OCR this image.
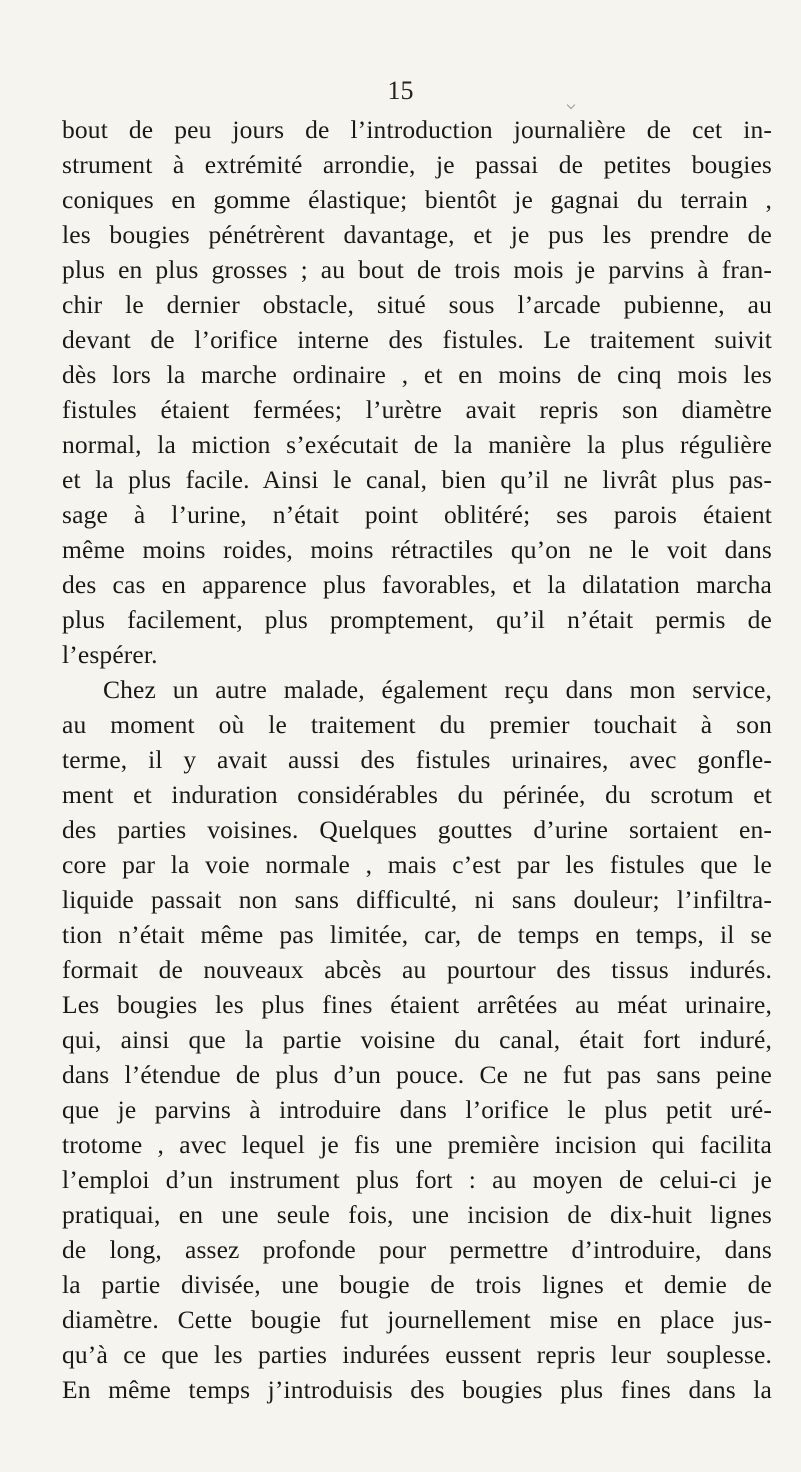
15
bout de peu jours de l’introduction journalière de cet in-
strument à extrémité arrondie, je passai de petites bougies
coniques en gomme élastique; bientôt je gagnai du terrain ,
les bougies pénétrèrent davantage, et je pus les prendre de
plus en plus grosses ; au bout de trois mois je parvins à fran-
chir le dernier obstacle, situé sous l’arcade pubienne, au
devant de l’orifice interne des fistules. Le traitement suivit
dès lors la marche ordinaire , et en moins de cinq mois les
fistules étaient fermées; l’urètre avait repris son diamètre
normal, la miction s’exécutait de la manière la plus régulière
et la plus facile. Ainsi le canal, bien qu’il ne livrât plus pas-
sage à l’urine, n’était point oblitéré; ses parois étaient
même moins roides, moins rétractiles qu’on ne le voit dans
des cas en apparence plus favorables, et la dilatation marcha
plus facilement, plus promptement, qu’il n’était permis de
l’espérer.
Chez un autre malade, également reçu dans mon service,
au moment où le traitement du premier touchait à son
terme, il y avait aussi des fistules urinaires, avec gonfle-
ment et induration considérables du périnée, du scrotum et
des parties voisines. Quelques gouttes d’urine sortaient en-
core par la voie normale , mais c’est par les fistules que le
liquide passait non sans difficulté, ni sans douleur; l’infiltra-
tion n’était même pas limitée, car, de temps en temps, il se
formait de nouveaux abcès au pourtour des tissus indurés.
Les bougies les plus fines étaient arrêtées au méat urinaire,
qui, ainsi que la partie voisine du canal, était fort induré,
dans l’étendue de plus d’un pouce. Ce ne fut pas sans peine
que je parvins à introduire dans l’orifice le plus petit uré-
trotome , avec lequel je fis une première incision qui facilita
l’emploi d’un instrument plus fort : au moyen de celui-ci je
pratiquai, en une seule fois, une incision de dix-huit lignes
de long, assez profonde pour permettre d’introduire, dans
la partie divisée, une bougie de trois lignes et demie de
diamètre. Cette bougie fut journellement mise en place jus-
qu’à ce que les parties indurées eussent repris leur souplesse.
En même temps j’introduisis des bougies plus fines dans la
